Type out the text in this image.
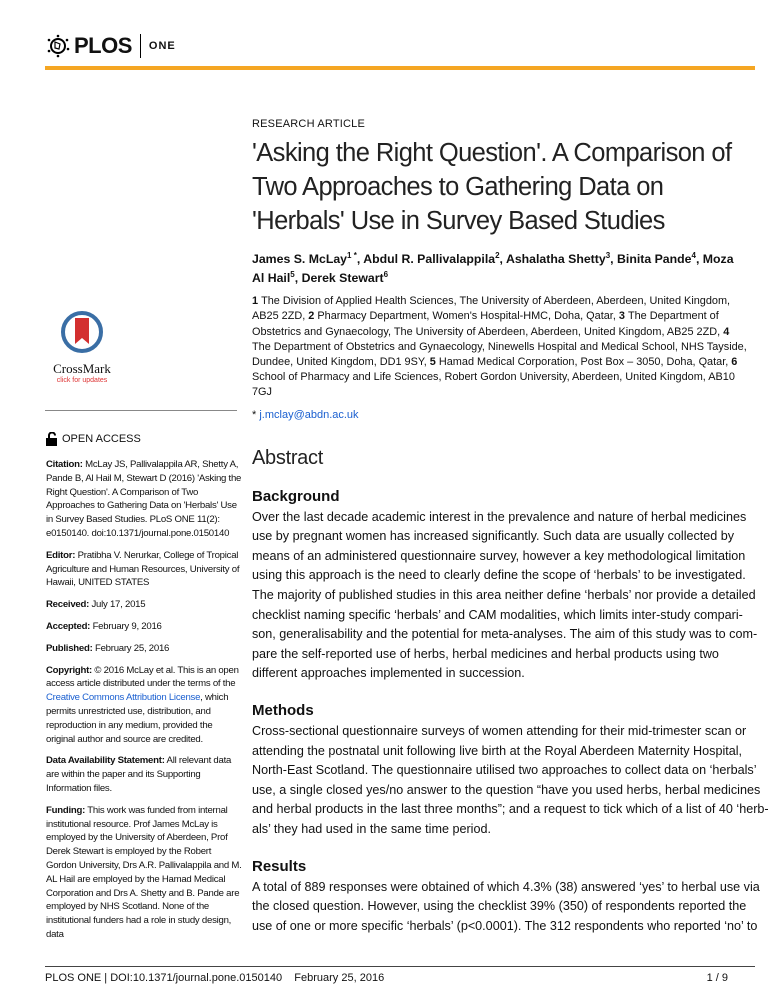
PLOS ONE
RESEARCH ARTICLE
'Asking the Right Question'. A Comparison of Two Approaches to Gathering Data on 'Herbals' Use in Survey Based Studies
James S. McLay$^{1 *}$, Abdul R. Pallivalappila$^2$, Ashalatha Shetty$^3$, Binita Pande$^4$, Moza Al Hail$^5$, Derek Stewart$^6$
1 The Division of Applied Health Sciences, The University of Aberdeen, Aberdeen, United Kingdom, AB25 2ZD, 2 Pharmacy Department, Women's Hospital-HMC, Doha, Qatar, 3 The Department of Obstetrics and Gynaecology, The University of Aberdeen, Aberdeen, United Kingdom, AB25 2ZD, 4 The Department of Obstetrics and Gynaecology, Ninewells Hospital and Medical School, NHS Tayside, Dundee, United Kingdom, DD1 9SY, 5 Hamad Medical Corporation, Post Box – 3050, Doha, Qatar, 6 School of Pharmacy and Life Sciences, Robert Gordon University, Aberdeen, United Kingdom, AB10 7GJ
* j.mclay@abdn.ac.uk
Abstract
Background
Over the last decade academic interest in the prevalence and nature of herbal medicines
use by pregnant women has increased significantly. Such data are usually collected by
means of an administered questionnaire survey, however a key methodological limitation
using this approach is the need to clearly define the scope of ‘herbals’ to be investigated.
The majority of published studies in this area neither define ‘herbals’ nor provide a detailed
checklist naming specific ‘herbals’ and CAM modalities, which limits inter-study compari-
son, generalisability and the potential for meta-analyses. The aim of this study was to com-
pare the self-reported use of herbs, herbal medicines and herbal products using two
different approaches implemented in succession.
Methods
Cross-sectional questionnaire surveys of women attending for their mid-trimester scan or
attending the postnatal unit following live birth at the Royal Aberdeen Maternity Hospital,
North-East Scotland. The questionnaire utilised two approaches to collect data on ‘herbals’
use, a single closed yes/no answer to the question “have you used herbs, herbal medicines
and herbal products in the last three months”; and a request to tick which of a list of 40 ‘herb-
als’ they had used in the same time period.
Results
A total of 889 responses were obtained of which 4.3% (38) answered ‘yes’ to herbal use via
the closed question. However, using the checklist 39% (350) of respondents reported the
use of one or more specific ‘herbals’ (p<0.0001). The 312 respondents who reported ‘no’ to
CrossMark
click for updates
OPEN ACCESS

Citation: McLay JS, Pallivalappila AR, Shetty A, Pande B, Al Hail M, Stewart D (2016) 'Asking the Right Question'. A Comparison of Two Approaches to Gathering Data on 'Herbals' Use in Survey Based Studies. PLoS ONE 11(2): e0150140. doi:10.1371/journal.pone.0150140

Editor: Pratibha V. Nerurkar, College of Tropical Agriculture and Human Resources, University of Hawaii, UNITED STATES

Received: July 17, 2015

Accepted: February 9, 2016

Published: February 25, 2016

Copyright: © 2016 McLay et al. This is an open access article distributed under the terms of the Creative Commons Attribution License, which permits unrestricted use, distribution, and reproduction in any medium, provided the original author and source are credited.

Data Availability Statement: All relevant data are within the paper and its Supporting Information files.

Funding: This work was funded from internal institutional resource. Prof James McLay is employed by the University of Aberdeen, Prof Derek Stewart is employed by the Robert Gordon University, Drs A.R. Pallivalappila and M. AL Hail are employed by the Hamad Medical Corporation and Drs A. Shetty and B. Pande are employed by NHS Scotland. None of the institutional funders had a role in study design, data

PLOS ONE | DOI:10.1371/journal.pone.0150140    February 25, 2016	1 / 9
